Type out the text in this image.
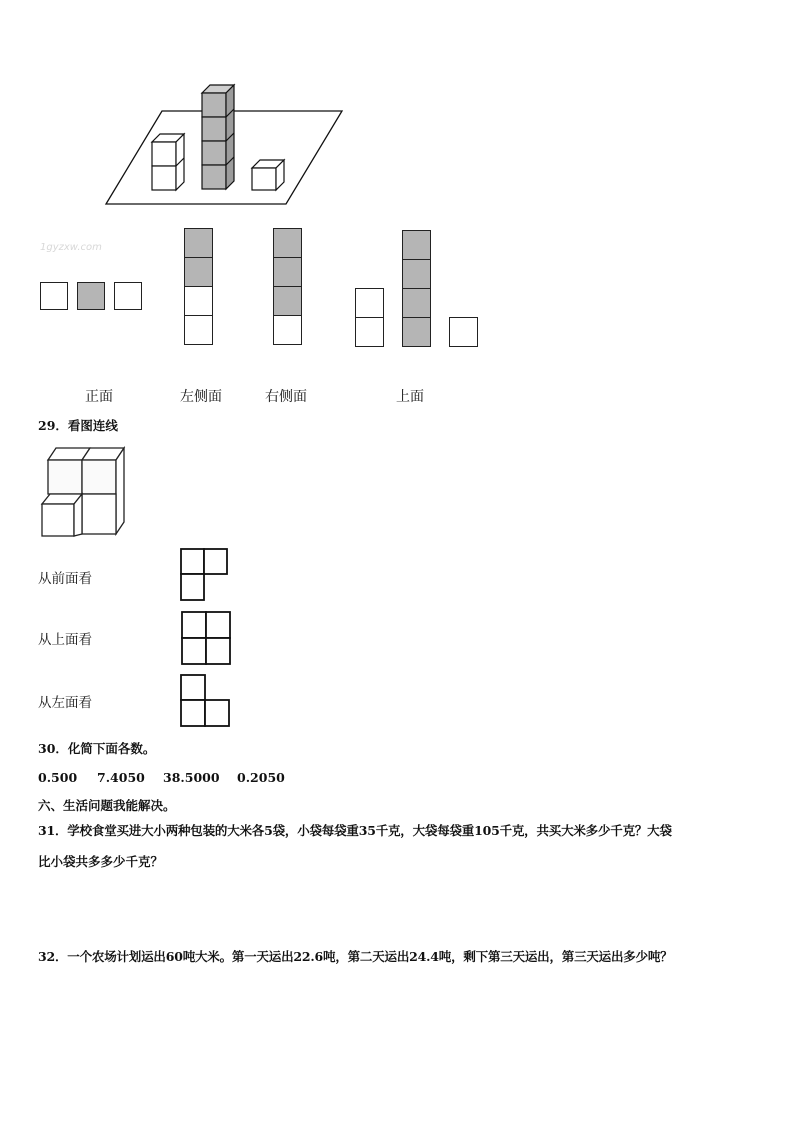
1gyzxw.com
正面	左侧面	右侧面	上面
29．看图连线
从前面看
从上面看
从左面看
30．化简下面各数。
0.500 7.4050 38.5000 0.2050
六、生活问题我能解决。
31．学校食堂买进大小两种包装的大米各5袋，小袋每袋重35千克，大袋每袋重105千克，共买大米多少千克？大袋
比小袋共多多少千克？
32．一个农场计划运出60吨大米。第一天运出22.6吨，第二天运出24.4吨，剩下第三天运出，第三天运出多少吨？
